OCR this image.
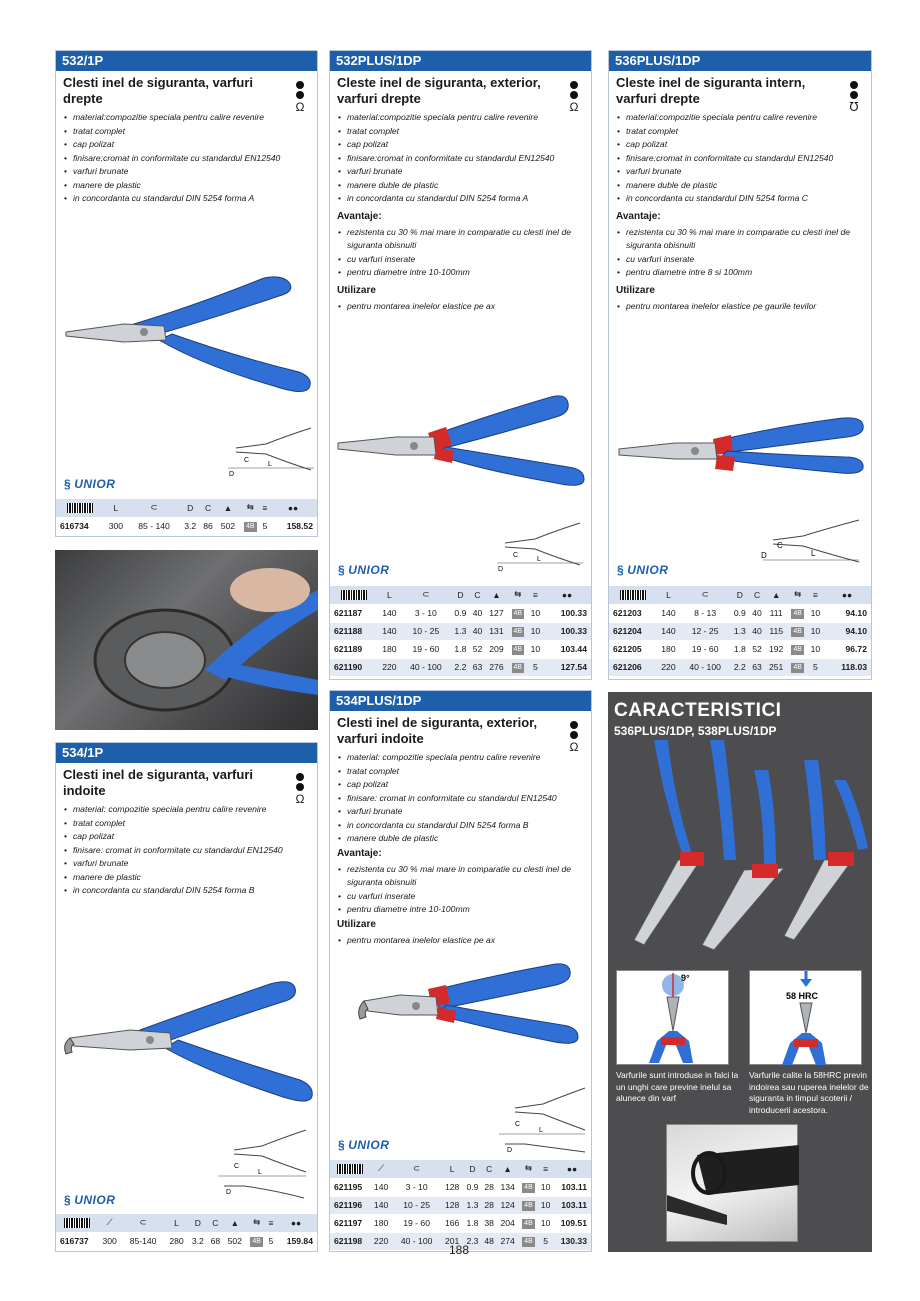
532/1P
Clesti inel de siguranta, varfuri drepte
Ω
• material:compozitie speciala pentru calire revenire
• tratat complet
• cap polizat
• finisare:cromat in conformitate cu standardul EN12540
• varfuri brunate
• manere de plastic
• in concordanta cu standardul DIN 5254 forma A
C
L
D
§ UNIOR
	L	⊂	D	C	▲	⇆	≡	●●
616734	300	85 - 140	3.2	86	502	4B	5	158.52
534/1P
Clesti inel de siguranta, varfuri indoite
Ω
• material: compozitie speciala pentru calire revenire
• tratat complet
• cap polizat
• finisare: cromat in conformitate cu standardul EN12540
• varfuri brunate
• manere de plastic
• in concordanta cu standardul DIN 5254 forma B
C
L
D
§ UNIOR
	⟋	⊂	L	D	C	▲	⇆	≡	●●
616737	300	85-140	280	3.2	68	502	4B	5	159.84
532PLUS/1DP
Cleste inel de siguranta, exterior, varfuri drepte
Ω
• material:compozitie speciala pentru calire revenire
• tratat complet
• cap polizat
• finisare:cromat in conformitate cu standardul EN12540
• varfuri brunate
• manere duble de plastic
• in concordanta cu standardul DIN 5254 forma A
Avantaje:
• rezistenta cu 30 % mai mare in comparatie cu clesti inel de siguranta obisnuiti
• cu varfuri inserate
• pentru diametre intre 10-100mm
Utilizare
• pentru montarea inelelor elastice pe ax
C
L
D
§ UNIOR
	L	⊂	D	C	▲	⇆	≡	●●
621187	140	3 - 10	0.9	40	127	4B	10	100.33
621188	140	10 - 25	1.3	40	131	4B	10	100.33
621189	180	19 - 60	1.8	52	209	4B	10	103.44
621190	220	40 - 100	2.2	63	276	4B	5	127.54
534PLUS/1DP
Clesti inel de siguranta, exterior, varfuri indoite
Ω
• material: compozitie speciala pentru calire revenire
• tratat complet
• cap polizat
• finisare: cromat in conformitate cu standardul EN12540
• varfuri brunate
• in concordanta cu standardul DIN 5254 forma B
• manere duble de plastic
Avantaje:
• rezistenta cu 30 % mai mare in comparatie cu clesti inel de siguranta obisnuiti
• cu varfuri inserate
• pentru diametre intre 10-100mm
Utilizare
• pentru montarea inelelor elastice pe ax
C
L
D
§ UNIOR
	⟋	⊂	L	D	C	▲	⇆	≡	●●
621195	140	3 - 10	128	0.9	28	134	4B	10	103.11
621196	140	10 - 25	128	1.3	28	124	4B	10	103.11
621197	180	19 - 60	166	1.8	38	204	4B	10	109.51
621198	220	40 - 100	201	2.3	48	274	4B	5	130.33
536PLUS/1DP
Cleste inel de siguranta intern, varfuri drepte
℧
• material:compozitie speciala pentru calire revenire
• tratat complet
• cap polizat
• finisare:cromat in conformitate cu standardul EN12540
• varfuri brunate
• manere duble de plastic
• in concordanta cu standardul DIN 5254 forma C
Avantaje:
• rezistenta cu 30 % mai mare in comparatie cu clesti inel de siguranta obisnuiti
• cu varfuri inserate
• pentru diametre intre 8 si 100mm
Utilizare
• pentru montarea inelelor elastice pe gaurile tevilor
C
L
D
§ UNIOR
	L	⊂	D	C	▲	⇆	≡	●●
621203	140	8 - 13	0.9	40	111	4B	10	94.10
621204	140	12 - 25	1.3	40	115	4B	10	94.10
621205	180	19 - 60	1.8	52	192	4B	10	96.72
621206	220	40 - 100	2.2	63	251	4B	5	118.03
CARACTERISTICI
536PLUS/1DP, 538PLUS/1DP
9°
58 HRC
Varfurile sunt introduse in falci la un unghi care previne inelul sa alunece din varf
Varfurile calite la 58HRC previn indoirea sau ruperea inelelor de siguranta in timpul scoterii / introducerii acestora.
188
